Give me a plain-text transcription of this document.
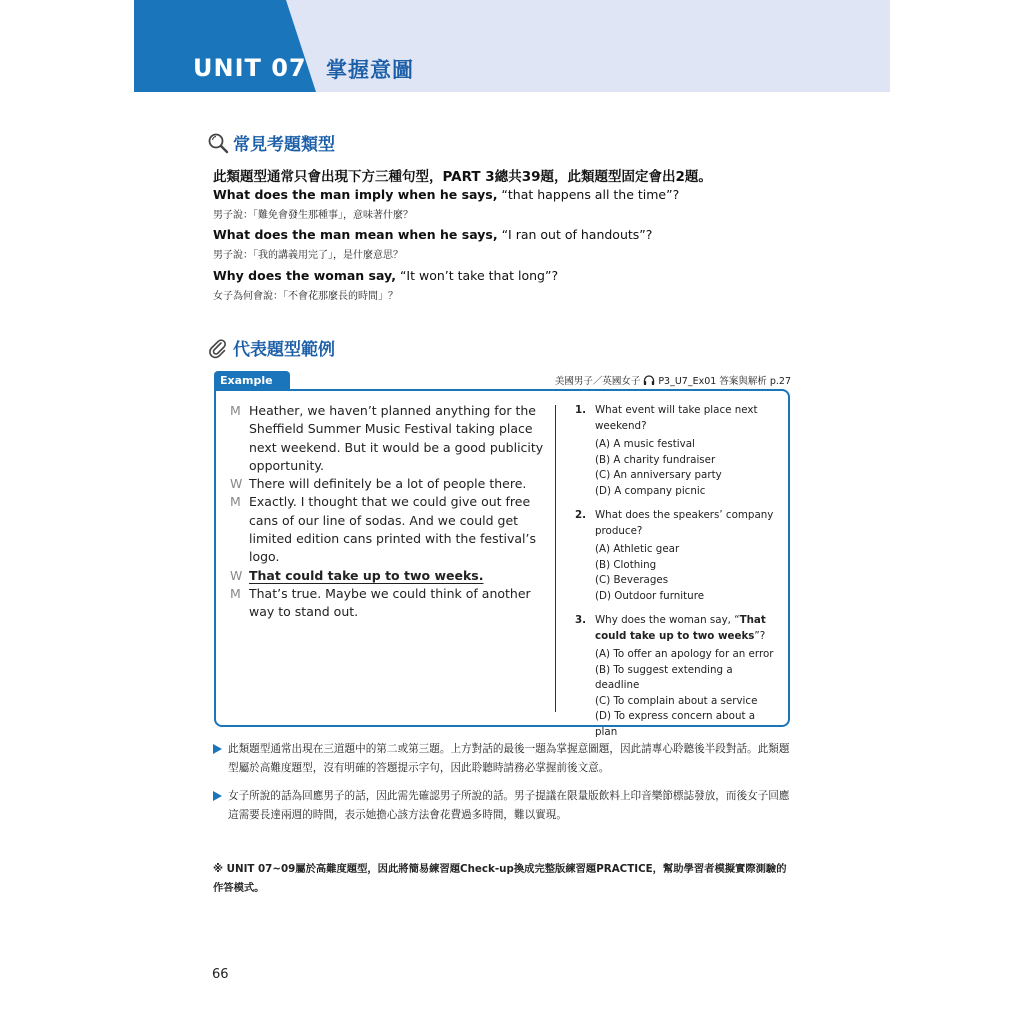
UNIT 07 掌握意圖
常見考題類型
此類題型通常只會出現下方三種句型，PART 3總共39題，此類題型固定會出2題。
What does the man imply when he says, “that happens all the time”?
男子說：「難免會發生那種事」，意味著什麼？
What does the man mean when he says, “I ran out of handouts”?
男子說：「我的講義用完了」，是什麼意思？
Why does the woman say, “It won’t take that long”?
女子為何會說：「不會花那麼長的時間」？
代表題型範例
Example 01
美國男子／英國女子 P3_U7_Ex01 答案與解析 p.27
M Heather, we haven’t planned anything for the Sheffield Summer Music Festival taking place next weekend. But it would be a good publicity opportunity.
W There will definitely be a lot of people there.
M Exactly. I thought that we could give out free cans of our line of sodas. And we could get limited edition cans printed with the festival’s logo.
W That could take up to two weeks.
M That’s true. Maybe we could think of another way to stand out.
1. What event will take place next weekend?
(A) A music festival
(B) A charity fundraiser
(C) An anniversary party
(D) A company picnic
2. What does the speakers’ company produce?
(A) Athletic gear
(B) Clothing
(C) Beverages
(D) Outdoor furniture
3. Why does the woman say, “That could take up to two weeks”?
(A) To offer an apology for an error
(B) To suggest extending a deadline
(C) To complain about a service
(D) To express concern about a plan
此類題型通常出現在三道題中的第二或第三題。上方對話的最後一題為掌握意圖題，因此請專心聆聽後半段對話。此類題型屬於高難度題型，沒有明確的答題提示字句，因此聆聽時請務必掌握前後文意。
女子所說的話為回應男子的話，因此需先確認男子所說的話。男子提議在限量版飲料上印音樂節標誌發放，而後女子回應這需要長達兩週的時間，表示她擔心該方法會花費過多時間，難以實現。
※ UNIT 07~09屬於高難度題型，因此將簡易練習題Check-up換成完整版練習題PRACTICE，幫助學習者模擬實際測驗的作答模式。
66
